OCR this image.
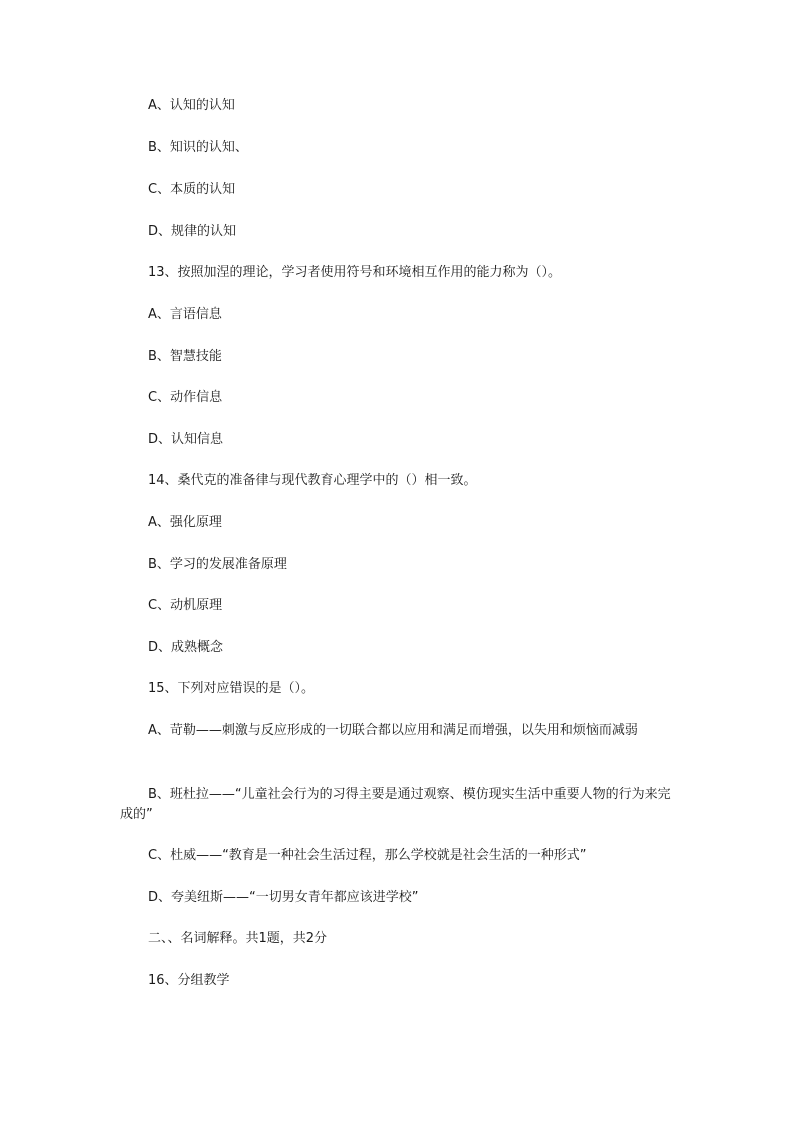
A、认知的认知

B、知识的认知、

C、本质的认知

D、规律的认知

13、按照加涅的理论，学习者使用符号和环境相互作用的能力称为（）。

A、言语信息

B、智慧技能

C、动作信息

D、认知信息

14、桑代克的准备律与现代教育心理学中的（）相一致。

A、强化原理

B、学习的发展准备原理

C、动机原理

D、成熟概念

15、下列对应错误的是（）。

A、苛勒——刺激与反应形成的一切联合都以应用和满足而增强，以失用和烦恼而减弱

B、班杜拉——“儿童社会行为的习得主要是通过观察、模仿现实生活中重要人物的行为来完成的”

C、杜威——“教育是一种社会生活过程，那么学校就是社会生活的一种形式”

D、夸美纽斯——“一切男女青年都应该进学校”

二、、名词解释。共1题，共2分

16、分组教学
